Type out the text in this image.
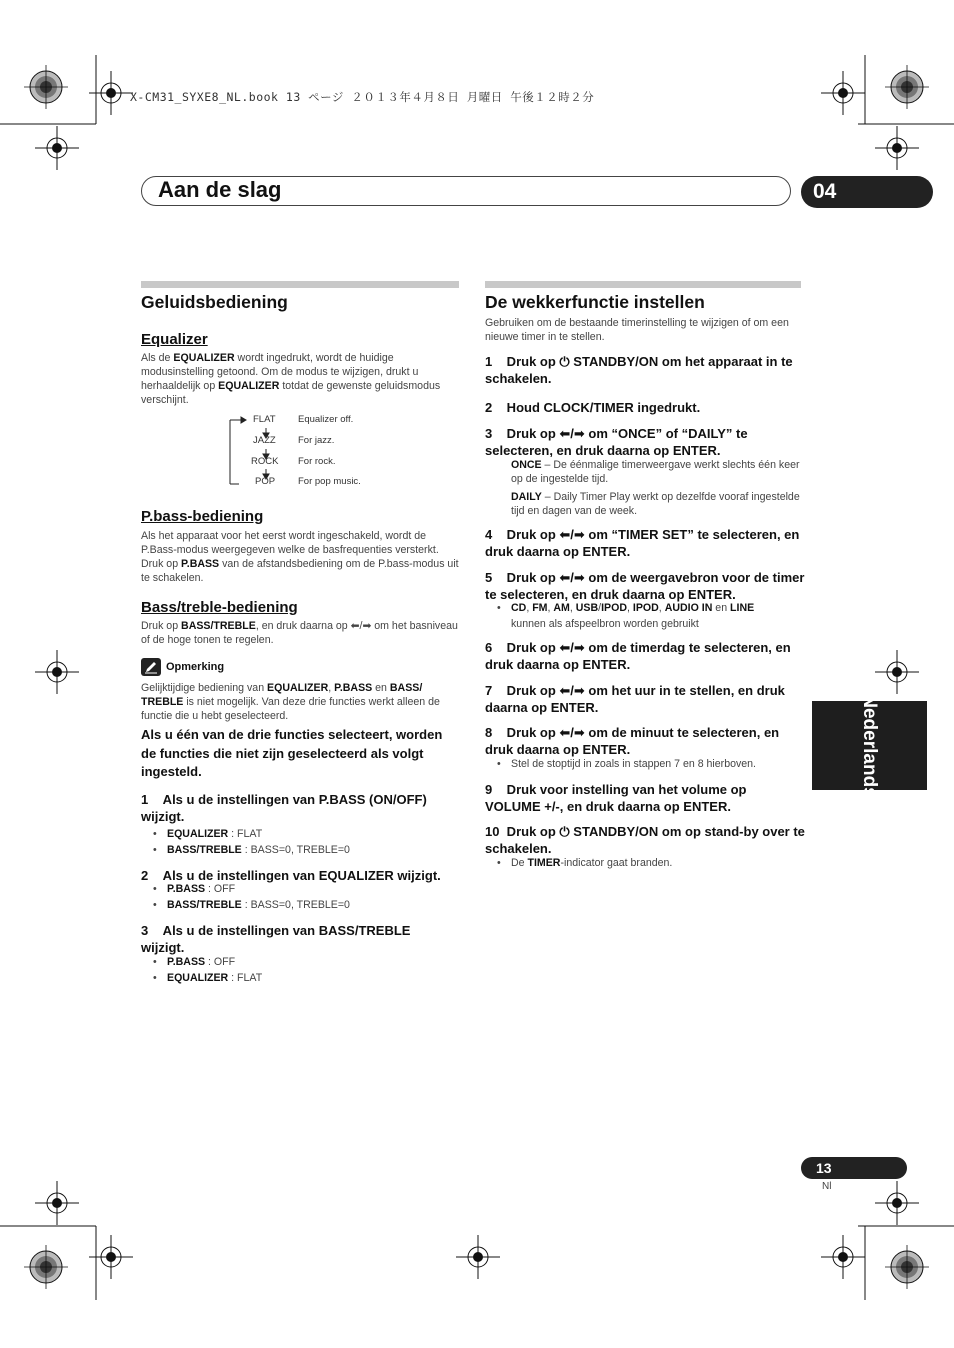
X-CM31_SYXE8_NL.book 13 ページ ２０１３年４月８日 月曜日 午後１２時２分
Aan de slag	04
Nederlands
Geluidsbediening
Equalizer
Als de EQUALIZER wordt ingedrukt, wordt de huidige modusinstelling getoond. Om de modus te wijzigen, drukt u herhaaldelijk op EQUALIZER totdat de gewenste geluidsmodus verschijnt.
FLAT Equalizer off.
JAZZ For jazz.
ROCK For rock.
POP For pop music.
P.bass-bediening
Als het apparaat voor het eerst wordt ingeschakeld, wordt de P.Bass-modus weergegeven welke de basfrequenties versterkt. Druk op P.BASS van de afstandsbediening om de P.bass-modus uit te schakelen.
Bass/treble-bediening
Druk op BASS/TREBLE, en druk daarna op ⬅/➡ om het basniveau of de hoge tonen te regelen.
Opmerking
Gelijktijdige bediening van EQUALIZER, P.BASS en BASS/
TREBLE is niet mogelijk. Van deze drie functies werkt alleen de functie die u hebt geselecteerd.
Als u één van de drie functies selecteert, worden de functies die niet zijn geselecteerd als volgt ingesteld.
1    Als u de instellingen van P.BASS (ON/OFF) wijzigt.
• EQUALIZER : FLAT
• BASS/TREBLE : BASS=0, TREBLE=0
2    Als u de instellingen van EQUALIZER wijzigt.
• P.BASS : OFF
• BASS/TREBLE : BASS=0, TREBLE=0
3    Als u de instellingen van BASS/TREBLE wijzigt.
• P.BASS : OFF
• EQUALIZER : FLAT
De wekkerfunctie instellen
Gebruiken om de bestaande timerinstelling te wijzigen of om een nieuwe timer in te stellen.
1    Druk op ⏻ STANDBY/ON om het apparaat in te schakelen.
2    Houd CLOCK/TIMER ingedrukt.
3    Druk op ⬅/➡ om “ONCE” of “DAILY” te selecteren, en druk daarna op ENTER.
ONCE – De éénmalige timerweergave werkt slechts één keer op de ingestelde tijd.
DAILY – Daily Timer Play werkt op dezelfde vooraf ingestelde tijd en dagen van de week.
4    Druk op ⬅/➡ om “TIMER SET” te selecteren, en druk daarna op ENTER.
5    Druk op ⬅/➡ om de weergavebron voor de timer te selecteren, en druk daarna op ENTER.
• CD, FM, AM, USB/IPOD, IPOD, AUDIO IN en LINE
kunnen als afspeelbron worden gebruikt
6    Druk op ⬅/➡ om de timerdag te selecteren, en druk daarna op ENTER.
7    Druk op ⬅/➡ om het uur in te stellen, en druk daarna op ENTER.
8    Druk op ⬅/➡ om de minuut te selecteren, en druk daarna op ENTER.
• Stel de stoptijd in zoals in stappen 7 en 8 hierboven.
9    Druk voor instelling van het volume op VOLUME +/-, en druk daarna op ENTER.
10  Druk op ⏻ STANDBY/ON om op stand-by over te schakelen.
• De TIMER-indicator gaat branden.
13
Nl
